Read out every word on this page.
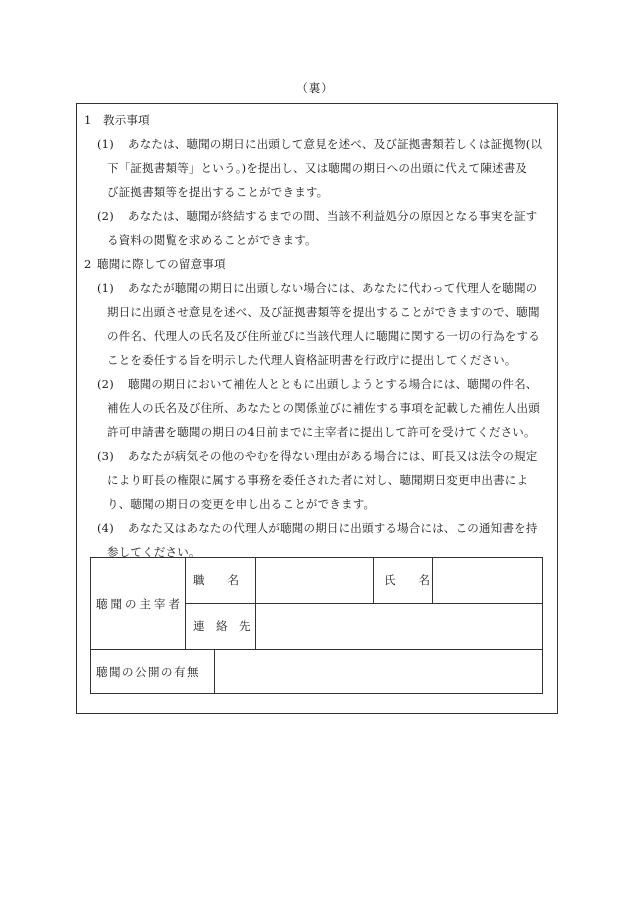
（裏）
1 教示事項
(1) あなたは、聴聞の期日に出頭して意見を述べ、及び証拠書類若しくは証拠物(以
下「証拠書類等」という。)を提出し、又は聴聞の期日への出頭に代えて陳述書及
び証拠書類等を提出することができます。
(2) あなたは、聴聞が終結するまでの間、当該不利益処分の原因となる事実を証す
る資料の閲覧を求めることができます。
2 聴聞に際しての留意事項
(1) あなたが聴聞の期日に出頭しない場合には、あなたに代わって代理人を聴聞の
期日に出頭させ意見を述べ、及び証拠書類等を提出することができますので、聴聞
の件名、代理人の氏名及び住所並びに当該代理人に聴聞に関する一切の行為をする
ことを委任する旨を明示した代理人資格証明書を行政庁に提出してください。
(2) 聴聞の期日において補佐人とともに出頭しようとする場合には、聴聞の件名、
補佐人の氏名及び住所、あなたとの関係並びに補佐する事項を記載した補佐人出頭
許可申請書を聴聞の期日の4日前までに主宰者に提出して許可を受けてください。
(3) あなたが病気その他のやむを得ない理由がある場合には、町長又は法令の規定
により町長の権限に属する事務を委任された者に対し、聴聞期日変更申出書によ
り、聴聞の期日の変更を申し出ることができます。
(4) あなた又はあなたの代理人が聴聞の期日に出頭する場合には、この通知書を持
参してください。
聴聞の主宰者
職　　名	氏　　名
連　絡　先
聴聞の公開の有無
